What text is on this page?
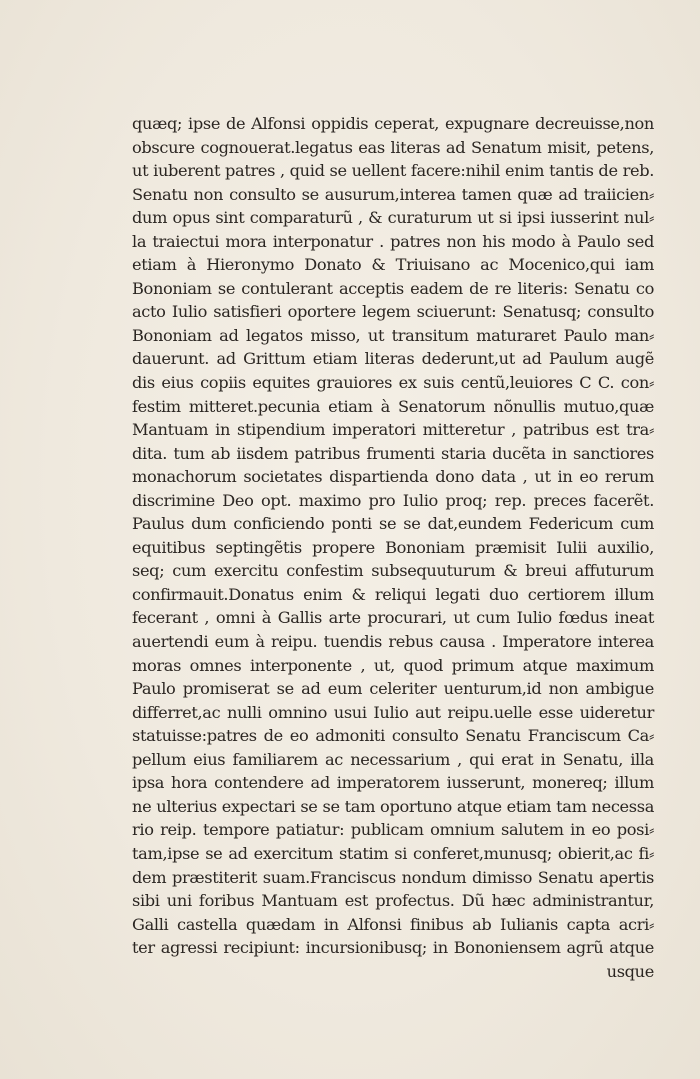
quæq; ipse de Alfonsi oppidis ceperat, expugnare decreuisse,non
obscure cognouerat.legatus eas literas ad Senatum misit, petens,
ut iuberent patres , quid se uellent facere:nihil enim tantis de reb.
Senatu non consulto se ausurum,interea tamen quæ ad traiicien⸗
dum opus sint comparaturũ , & curaturum ut si ipsi iusserint nul⸗
la traiectui mora interponatur . patres non his modo à Paulo sed
etiam à Hieronymo Donato & Triuisano ac Mocenico,qui iam
Bononiam se contulerant acceptis eadem de re literis: Senatu co
acto Iulio satisfieri oportere legem sciuerunt: Senatusq; consulto
Bononiam ad legatos misso, ut transitum maturaret Paulo man⸗
dauerunt. ad Grittum etiam literas dederunt,ut ad Paulum augẽ
dis eius copiis equites grauiores ex suis centũ,leuiores C C. con⸗
festim mitteret.pecunia etiam à Senatorum nõnullis mutuo,quæ
Mantuam in stipendium imperatori mitteretur , patribus est tra⸗
dita. tum ab iisdem patribus frumenti staria ducẽta in sanctiores
monachorum societates dispartienda dono data , ut in eo rerum
discrimine Deo opt. maximo pro Iulio proq; rep. preces facerẽt.
Paulus dum conficiendo ponti se se dat,eundem Federicum cum
equitibus septingẽtis propere Bononiam præmisit Iulii auxilio,
seq; cum exercitu confestim subsequuturum & breui affuturum
confirmauit.Donatus enim & reliqui legati duo certiorem illum
fecerant , omni à Gallis arte procurari, ut cum Iulio fœdus ineat
auertendi eum à reipu. tuendis rebus causa . Imperatore interea
moras omnes interponente , ut, quod primum atque maximum
Paulo promiserat se ad eum celeriter uenturum,id non ambigue
differret,ac nulli omnino usui Iulio aut reipu.uelle esse uideretur
statuisse:patres de eo admoniti consulto Senatu Franciscum Ca⸗
pellum eius familiarem ac necessarium , qui erat in Senatu, illa
ipsa hora contendere ad imperatorem iusserunt, monereq; illum
ne ulterius expectari se se tam oportuno atque etiam tam necessa
rio reip. tempore patiatur: publicam omnium salutem in eo posi⸗
tam,ipse se ad exercitum statim si conferet,munusq; obierit,ac fi⸗
dem præstiterit suam.Franciscus nondum dimisso Senatu apertis
sibi uni foribus Mantuam est profectus. Dũ hæc administrantur,
Galli castella quædam in Alfonsi finibus ab Iulianis capta acri⸗
ter agressi recipiunt: incursionibusq; in Bononiensem agrũ atque
usque
